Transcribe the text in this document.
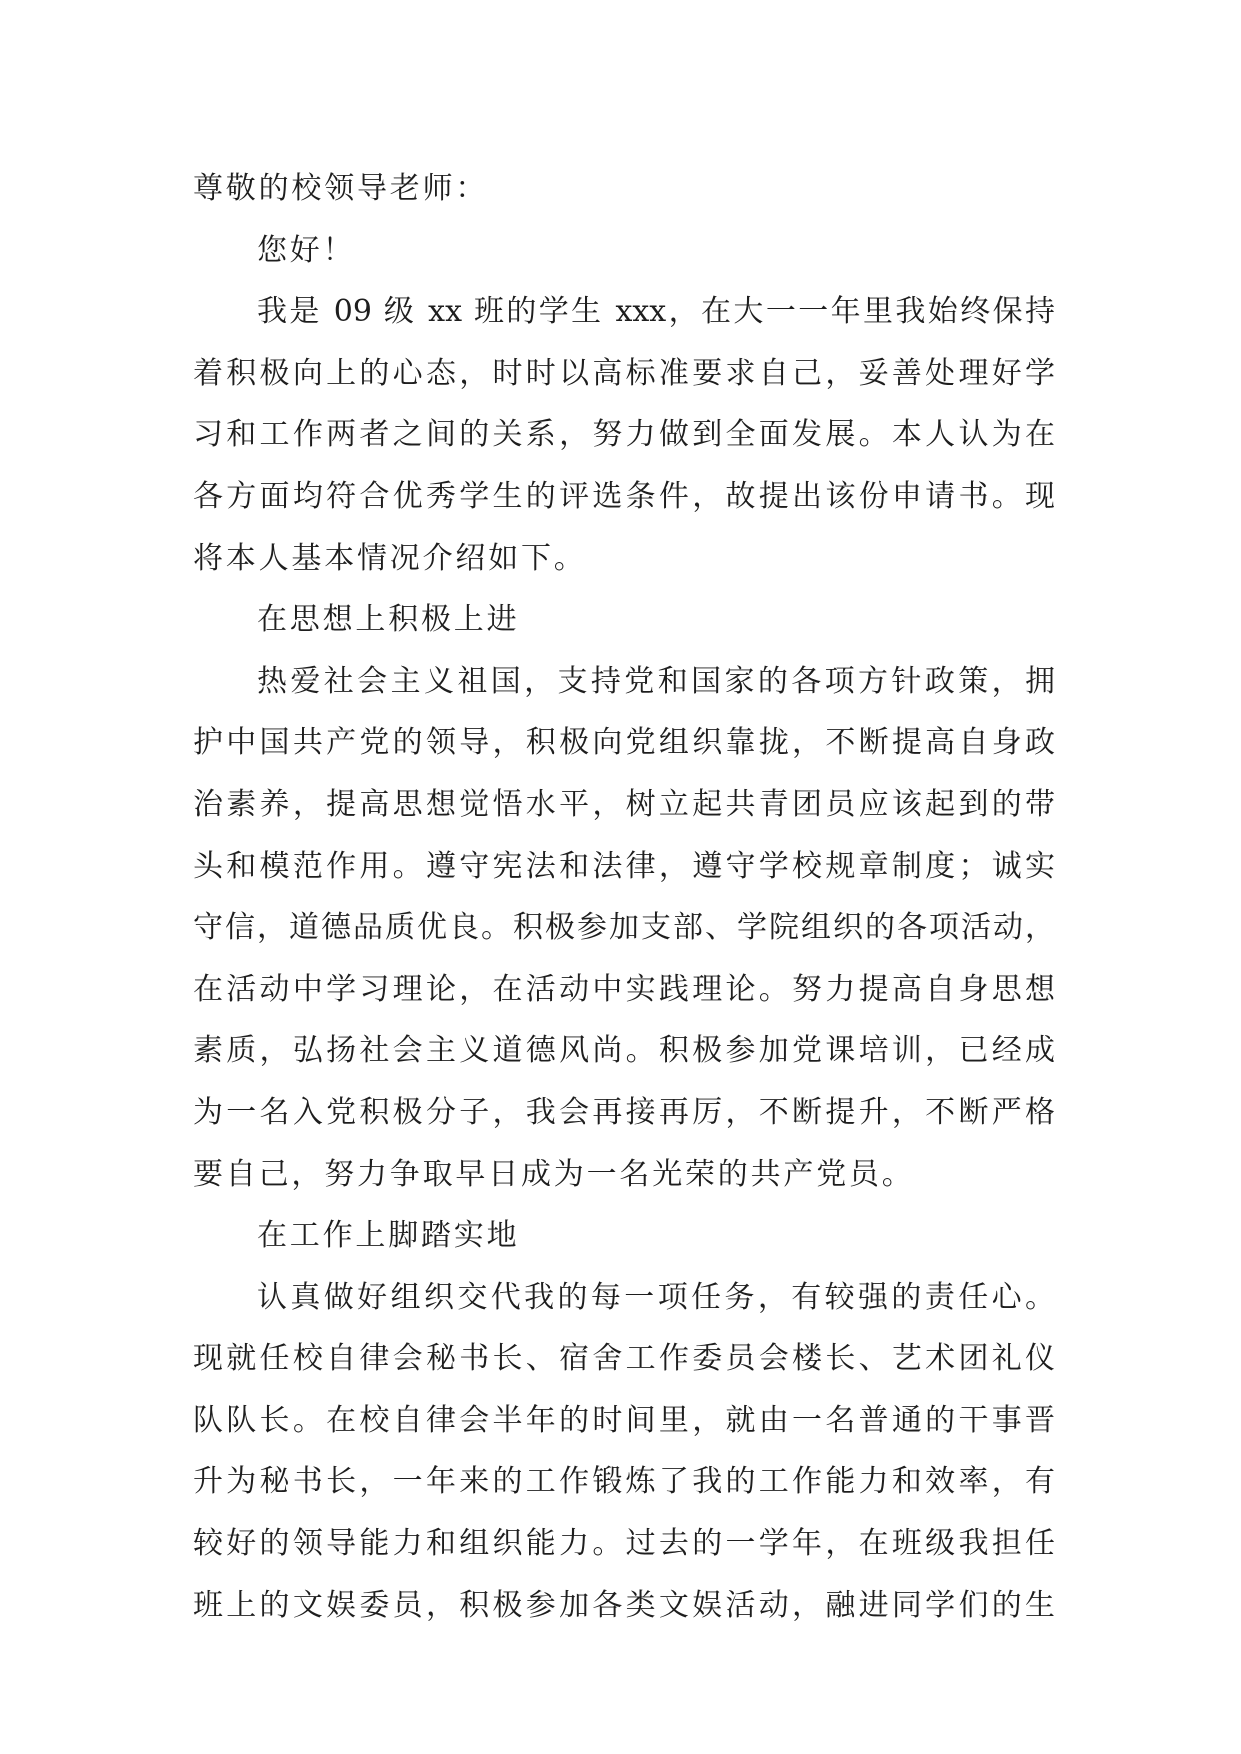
尊敬的校领导老师：

您好！

我是 09 级 xx 班的学生 xxx，在大一一年里我始终保持

着积极向上的心态，时时以高标准要求自己，妥善处理好学

习和工作两者之间的关系，努力做到全面发展。本人认为在

各方面均符合优秀学生的评选条件，故提出该份申请书。现

将本人基本情况介绍如下。

在思想上积极上进

热爱社会主义祖国，支持党和国家的各项方针政策，拥

护中国共产党的领导，积极向党组织靠拢，不断提高自身政

治素养，提高思想觉悟水平，树立起共青团员应该起到的带

头和模范作用。遵守宪法和法律，遵守学校规章制度；诚实

守信，道德品质优良。积极参加支部、学院组织的各项活动，

在活动中学习理论，在活动中实践理论。努力提高自身思想

素质，弘扬社会主义道德风尚。积极参加党课培训，已经成

为一名入党积极分子，我会再接再厉，不断提升，不断严格

要自己，努力争取早日成为一名光荣的共产党员。

在工作上脚踏实地

认真做好组织交代我的每一项任务，有较强的责任心。

现就任校自律会秘书长、宿舍工作委员会楼长、艺术团礼仪

队队长。在校自律会半年的时间里，就由一名普通的干事晋

升为秘书长，一年来的工作锻炼了我的工作能力和效率，有

较好的领导能力和组织能力。过去的一学年，在班级我担任

班上的文娱委员，积极参加各类文娱活动，融进同学们的生
